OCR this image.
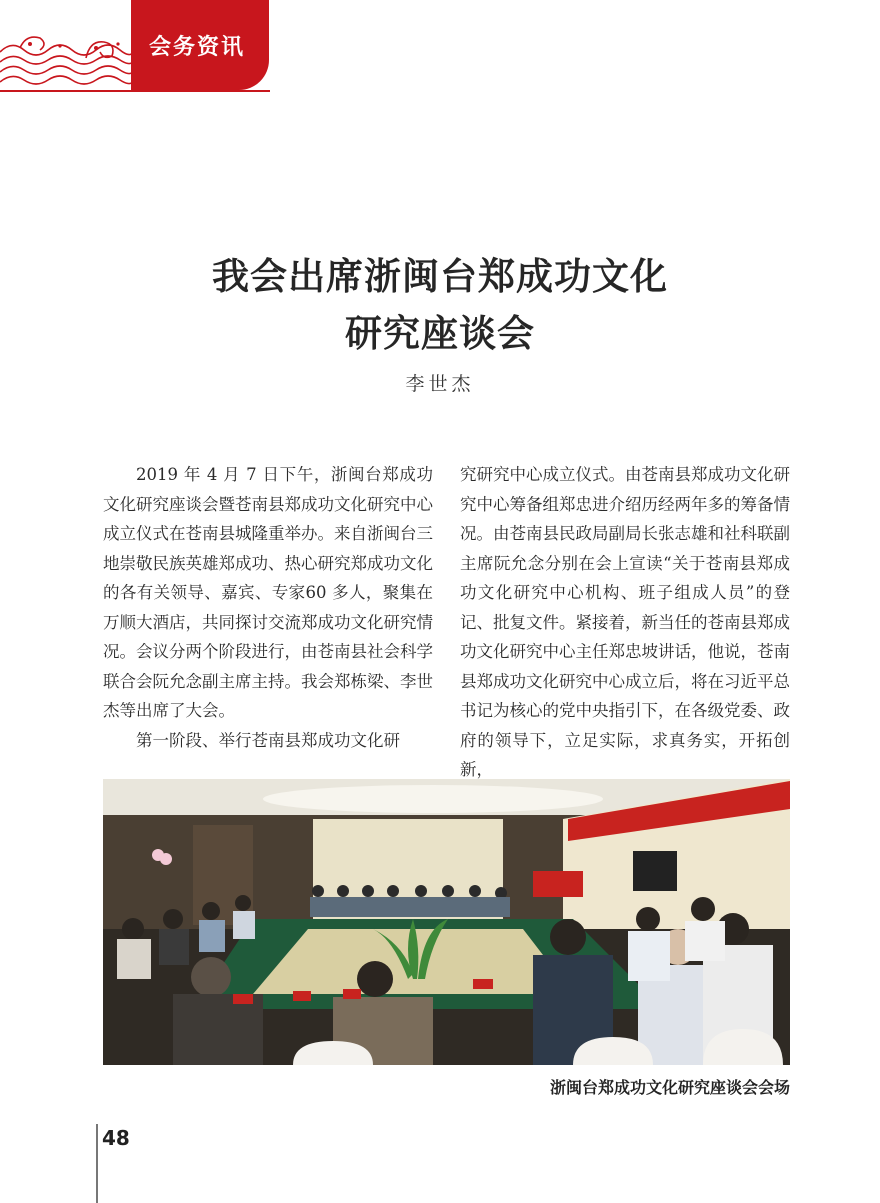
会务资讯
我会出席浙闽台郑成功文化
研究座谈会
李世杰

2019 年 4 月 7 日下午，浙闽台郑成功文化研究座谈会暨苍南县郑成功文化研究中心成立仪式在苍南县城隆重举办。来自浙闽台三地崇敬民族英雄郑成功、热心研究郑成功文化的各有关领导、嘉宾、专家60 多人，聚集在万顺大酒店，共同探讨交流郑成功文化研究情况。会议分两个阶段进行，由苍南县社会科学联合会阮允念副主席主持。我会郑栋梁、李世杰等出席了大会。

第一阶段、举行苍南县郑成功文化研

究研究中心成立仪式。由苍南县郑成功文化研究中心筹备组郑忠进介绍历经两年多的筹备情况。由苍南县民政局副局长张志雄和社科联副主席阮允念分别在会上宣读“关于苍南县郑成功文化研究中心机构、班子组成人员”的登记、批复文件。紧接着，新当任的苍南县郑成功文化研究中心主任郑忠坡讲话，他说，苍南县郑成功文化研究中心成立后，将在习近平总书记为核心的党中央指引下，在各级党委、政府的领导下，立足实际，求真务实，开拓创新，

浙闽台郑成功文化研究座谈会会场
48
